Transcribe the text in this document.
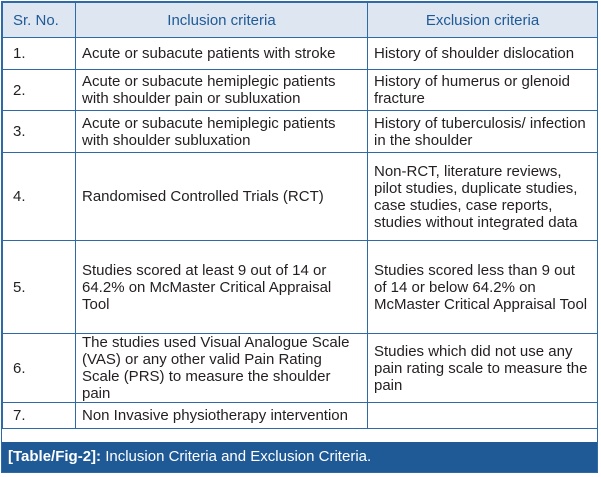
Sr. No.	Inclusion criteria	Exclusion criteria
1.	Acute or subacute patients with stroke	History of shoulder dislocation
2.	Acute or subacute hemiplegic patients with shoulder pain or subluxation	History of humerus or glenoid fracture
3.	Acute or subacute hemiplegic patients with shoulder subluxation	History of tuberculosis/ infection in the shoulder
4.	Randomised Controlled Trials (RCT)	Non-RCT, literature reviews, pilot studies, duplicate studies, case studies, case reports, studies without integrated data
5.	Studies scored at least 9 out of 14 or 64.2% on McMaster Critical Appraisal Tool	Studies scored less than 9 out of 14 or below 64.2% on McMaster Critical Appraisal Tool
6.	The studies used Visual Analogue Scale (VAS) or any other valid Pain Rating Scale (PRS) to measure the shoulder pain	Studies which did not use any pain rating scale to measure the pain
7.	Non Invasive physiotherapy intervention	
[Table/Fig-2]: Inclusion Criteria and Exclusion Criteria.
